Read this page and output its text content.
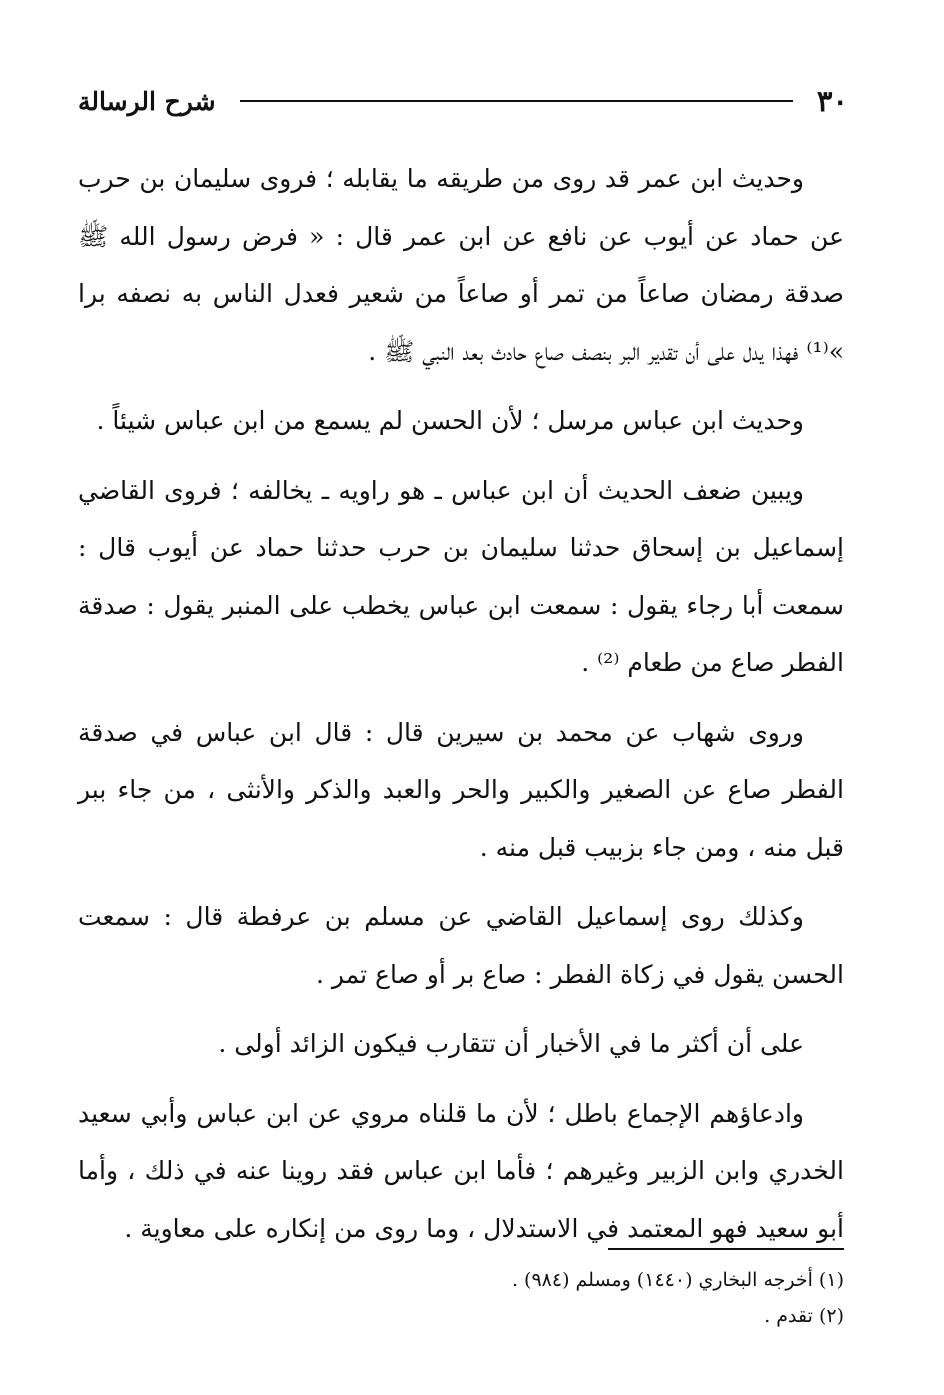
٣٠
شرح الرسالة

وحديث ابن عمر قد روى من طريقه ما يقابله ؛ فروى سليمان بن حرب عن حماد عن أيوب عن نافع عن ابن عمر قال : « فرض رسول الله ﷺ صدقة رمضان صاعاً من تمر أو صاعاً من شعير فعدل الناس به نصفه برا »⁽¹⁾ فهذا يدل على أن تقدير البر بنصف صاع حادث بعد النبي ﷺ .

وحديث ابن عباس مرسل ؛ لأن الحسن لم يسمع من ابن عباس شيئاً .

ويبين ضعف الحديث أن ابن عباس ـ هو راويه ـ يخالفه ؛ فروى القاضي إسماعيل بن إسحاق حدثنا سليمان بن حرب حدثنا حماد عن أيوب قال : سمعت أبا رجاء يقول : سمعت ابن عباس يخطب على المنبر يقول : صدقة الفطر صاع من طعام ⁽²⁾ .

وروى شهاب عن محمد بن سيرين قال : قال ابن عباس في صدقة الفطر صاع عن الصغير والكبير والحر والعبد والذكر والأنثى ، من جاء ببر قبل منه ، ومن جاء بزبيب قبل منه .

وكذلك روى إسماعيل القاضي عن مسلم بن عرفطة قال : سمعت الحسن يقول في زكاة الفطر : صاع بر أو صاع تمر .

على أن أكثر ما في الأخبار أن تتقارب فيكون الزائد أولى .

وادعاؤهم الإجماع باطل ؛ لأن ما قلناه مروي عن ابن عباس وأبي سعيد الخدري وابن الزبير وغيرهم ؛ فأما ابن عباس فقد روينا عنه في ذلك ، وأما أبو سعيد فهو المعتمد في الاستدلال ، وما روى من إنكاره على معاوية .

(١) أخرجه البخاري (١٤٤٠) ومسلم (٩٨٤) .

(٢) تقدم .
